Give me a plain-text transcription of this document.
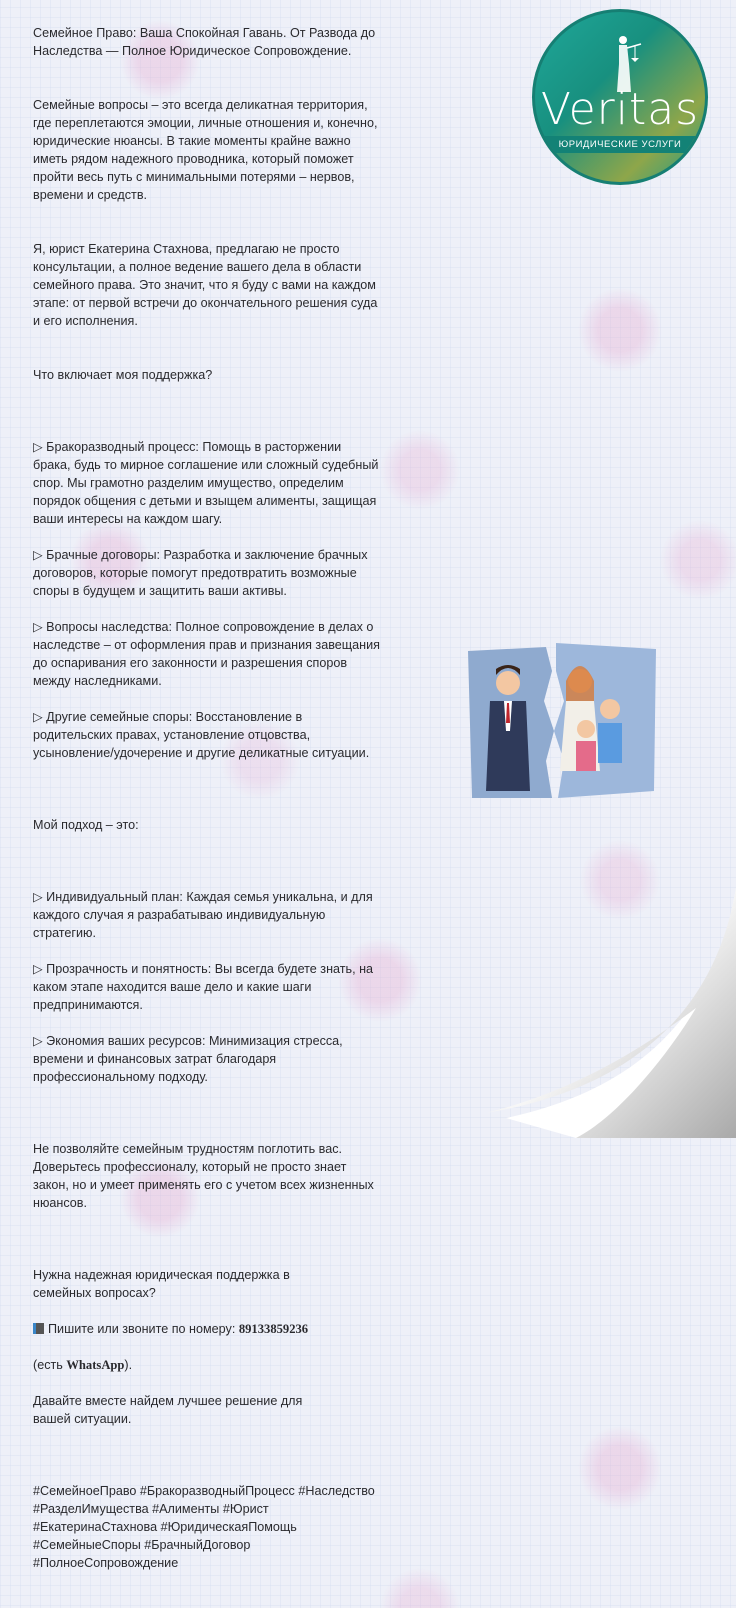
Семейное Право: Ваша Спокойная Гавань. От Развода до
Наследства — Полное Юридическое Сопровождение.

Семейные вопросы – это всегда деликатная территория,
где переплетаются эмоции, личные отношения и, конечно,
юридические нюансы. В такие моменты крайне важно
иметь рядом надежного проводника, который поможет
пройти весь путь с минимальными потерями – нервов,
времени и средств.

Я, юрист Екатерина Стахнова, предлагаю не просто
консультации, а полное ведение вашего дела в области
семейного права. Это значит, что я буду с вами на каждом
этапе: от первой встречи до окончательного решения суда
и его исполнения.

Что включает моя поддержка?

▷ Бракоразводный процесс: Помощь в расторжении
брака, будь то мирное соглашение или сложный судебный
спор. Мы грамотно разделим имущество, определим
порядок общения с детьми и взыщем алименты, защищая
ваши интересы на каждом шагу.

▷ Брачные договоры: Разработка и заключение брачных
договоров, которые помогут предотвратить возможные
споры в будущем и защитить ваши активы.

▷ Вопросы наследства: Полное сопровождение в делах о
наследстве – от оформления прав и признания завещания
до оспаривания его законности и разрешения споров
между наследниками.

▷ Другие семейные споры: Восстановление в
родительских правах, установление отцовства,
усыновление/удочерение и другие деликатные ситуации.

Мой подход – это:

▷ Индивидуальный план: Каждая семья уникальна, и для
каждого случая я разрабатываю индивидуальную
стратегию.

▷ Прозрачность и понятность: Вы всегда будете знать, на
каком этапе находится ваше дело и какие шаги
предпринимаются.

▷ Экономия ваших ресурсов: Минимизация стресса,
времени и финансовых затрат благодаря
профессиональному подходу.

Не позволяйте семейным трудностям поглотить вас.
Доверьтесь профессионалу, который не просто знает
закон, но и умеет применять его с учетом всех жизненных
нюансов.

Нужна надежная юридическая поддержка в
семейных вопросах?

Пишите или звоните по номеру: 89133859236

(есть WhatsApp).

Давайте вместе найдем лучшее решение для
вашей ситуации.

#СемейноеПраво #БракоразводныйПроцесс #Наследство
#РазделИмущества #Алименты #Юрист
#ЕкатеринаСтахнова #ЮридическаяПомощь
#СемейныеСпоры #БрачныйДоговор
#ПолноеСопровождение

Veritas
ЮРИДИЧЕСКИЕ УСЛУГИ
